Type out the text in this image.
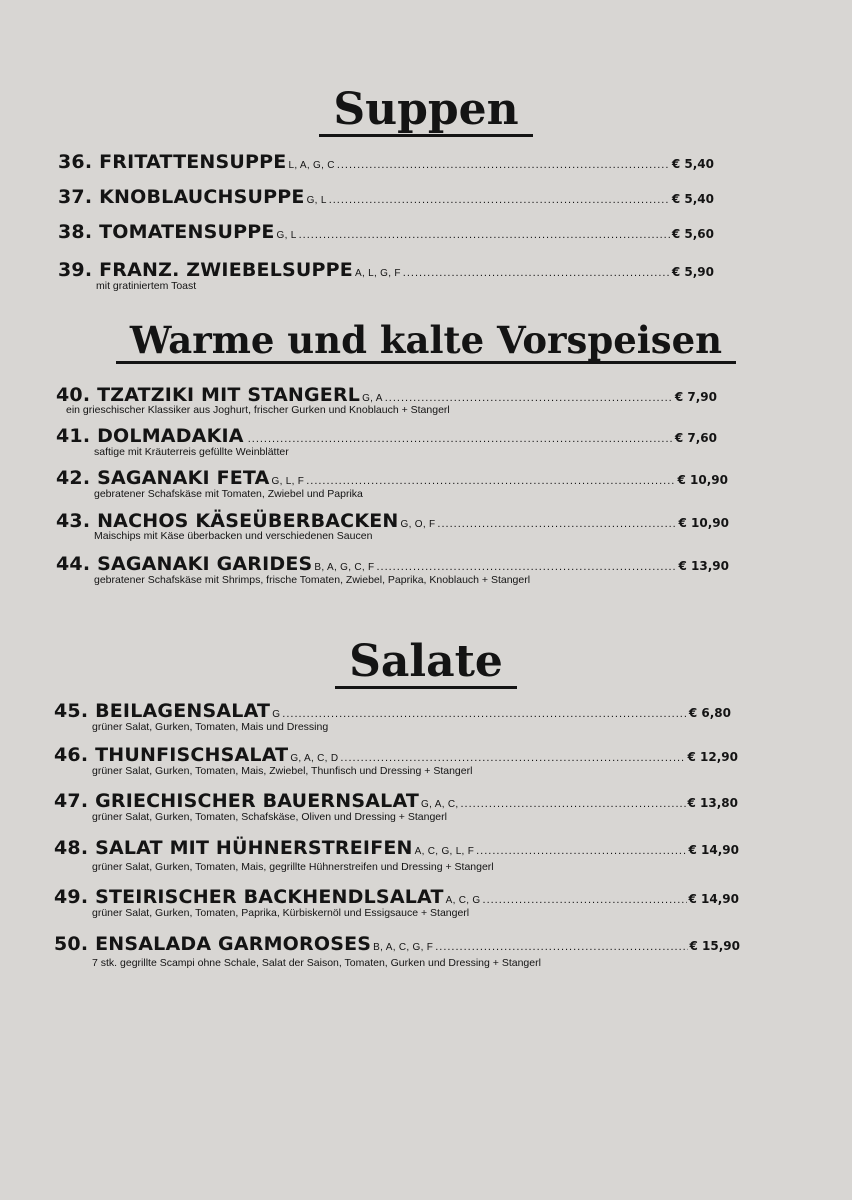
Suppen
36. FRITATTENSUPPE L, A, G, C .....	€ 5,40
37. KNOBLAUCHSUPPE G, L .....	€ 5,40
38. TOMATENSUPPE G, L .....	€ 5,60
39. FRANZ. ZWIEBELSUPPE A, L, G, F .....	€ 5,90
mit gratiniertem Toast
Warme und kalte Vorspeisen
40. TZATZIKI MIT STANGERL G, A .....	€ 7,90
ein grieschischer Klassiker aus Joghurt, frischer Gurken und Knoblauch + Stangerl
41. DOLMADAKIA .....	€ 7,60
saftige mit Kräuterreis gefüllte Weinblätter
42. SAGANAKI FETA G, L, F .....	€ 10,90
gebratener Schafskäse mit Tomaten, Zwiebel und Paprika
43. NACHOS KÄSEÜBERBACKEN G, O, F .....	€ 10,90
Maischips mit Käse überbacken und verschiedenen Saucen
44. SAGANAKI GARIDES B, A, G, C, F .....	€ 13,90
gebratener Schafskäse mit Shrimps, frische Tomaten, Zwiebel, Paprika, Knoblauch + Stangerl
Salate
45. BEILAGENSALAT G .....	€ 6,80
grüner Salat, Gurken, Tomaten, Mais und Dressing
46. THUNFISCHSALAT G, A, C, D .....	€ 12,90
grüner Salat, Gurken, Tomaten, Mais, Zwiebel, Thunfisch und Dressing + Stangerl
47. GRIECHISCHER BAUERNSALAT G, A, C, .....	€ 13,80
grüner Salat, Gurken, Tomaten, Schafskäse, Oliven und Dressing + Stangerl
48. SALAT MIT HÜHNERSTREIFEN A, C, G, L, F .....	€ 14,90
grüner Salat, Gurken, Tomaten, Mais, gegrillte Hühnerstreifen und Dressing + Stangerl
49. STEIRISCHER BACKHENDLSALAT A, C, G .....	€ 14,90
grüner Salat, Gurken, Tomaten, Paprika, Kürbiskernöl und Essigsauce + Stangerl
50. ENSALADA GARMOROSES B, A, C, G, F .....	€ 15,90
7 stk. gegrillte Scampi ohne Schale, Salat der Saison, Tomaten, Gurken und Dressing + Stangerl
